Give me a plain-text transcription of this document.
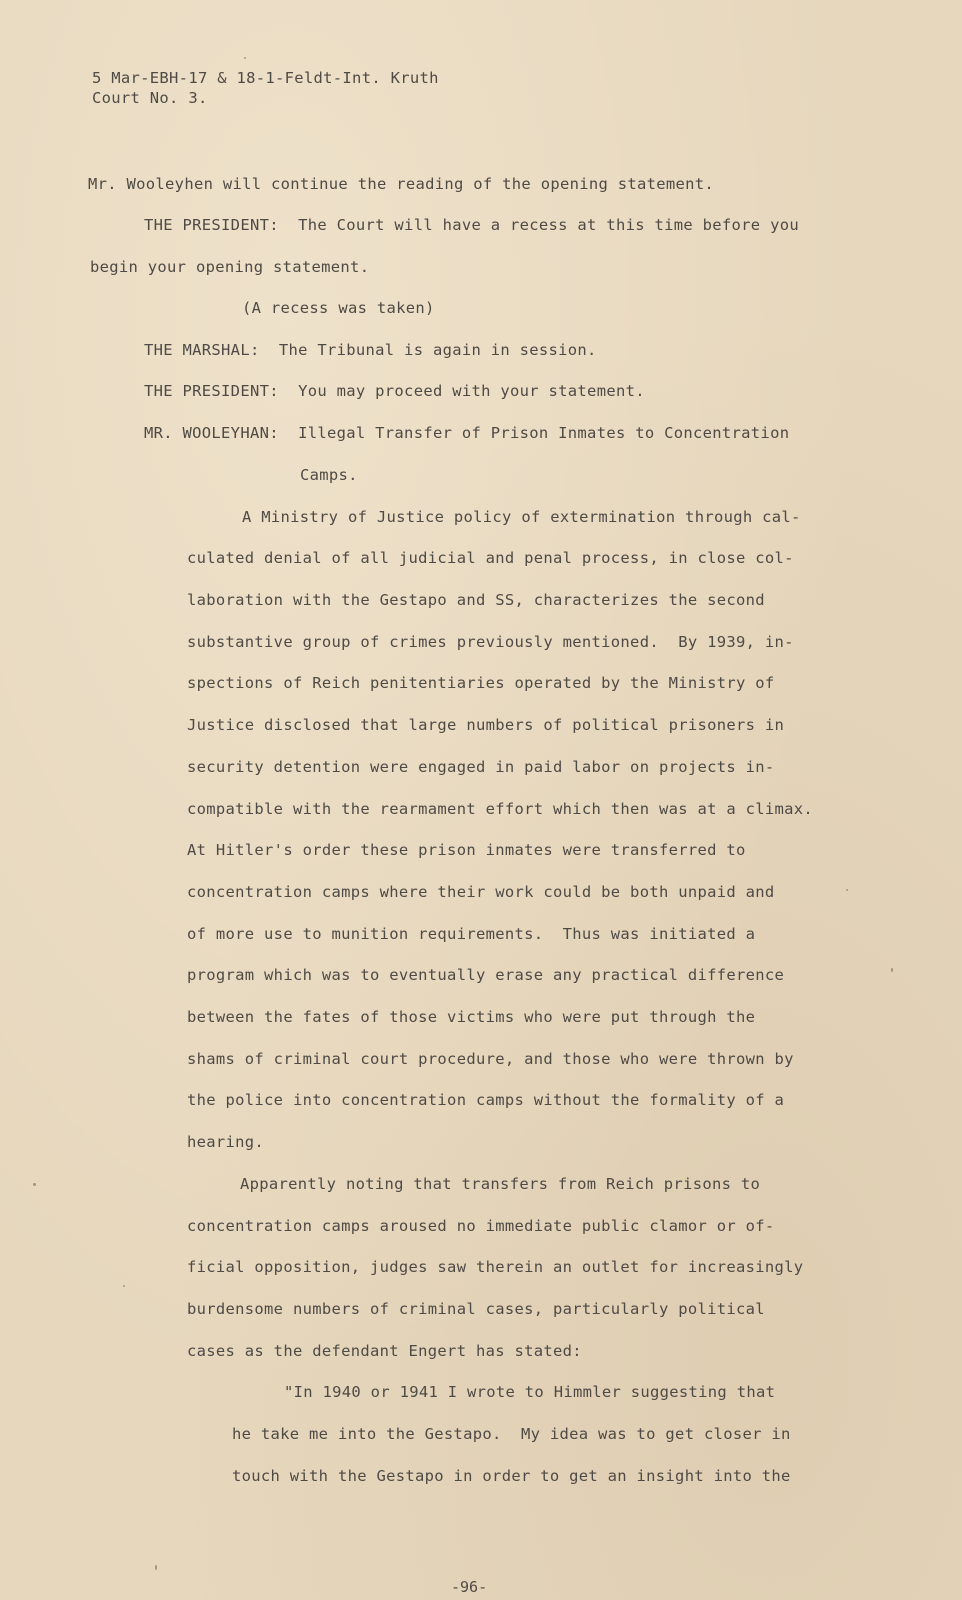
5 Mar-EBH-17 & 18-1-Feldt-Int. Kruth
Court No. 3.
Mr. Wooleyhen will continue the reading of the opening statement.
THE PRESIDENT:  The Court will have a recess at this time before you
begin your opening statement.
(A recess was taken)
THE MARSHAL:  The Tribunal is again in session.
THE PRESIDENT:  You may proceed with your statement.
MR. WOOLEYHAN:  Illegal Transfer of Prison Inmates to Concentration
Camps.
A Ministry of Justice policy of extermination through cal-
culated denial of all judicial and penal process, in close col-
laboration with the Gestapo and SS, characterizes the second
substantive group of crimes previously mentioned.  By 1939, in-
spections of Reich penitentiaries operated by the Ministry of
Justice disclosed that large numbers of political prisoners in
security detention were engaged in paid labor on projects in-
compatible with the rearmament effort which then was at a climax.
At Hitler's order these prison inmates were transferred to
concentration camps where their work could be both unpaid and
of more use to munition requirements.  Thus was initiated a
program which was to eventually erase any practical difference
between the fates of those victims who were put through the
shams of criminal court procedure, and those who were thrown by
the police into concentration camps without the formality of a
hearing.
Apparently noting that transfers from Reich prisons to
concentration camps aroused no immediate public clamor or of-
ficial opposition, judges saw therein an outlet for increasingly
burdensome numbers of criminal cases, particularly political
cases as the defendant Engert has stated:
"In 1940 or 1941 I wrote to Himmler suggesting that
he take me into the Gestapo.  My idea was to get closer in
touch with the Gestapo in order to get an insight into the
-96-
